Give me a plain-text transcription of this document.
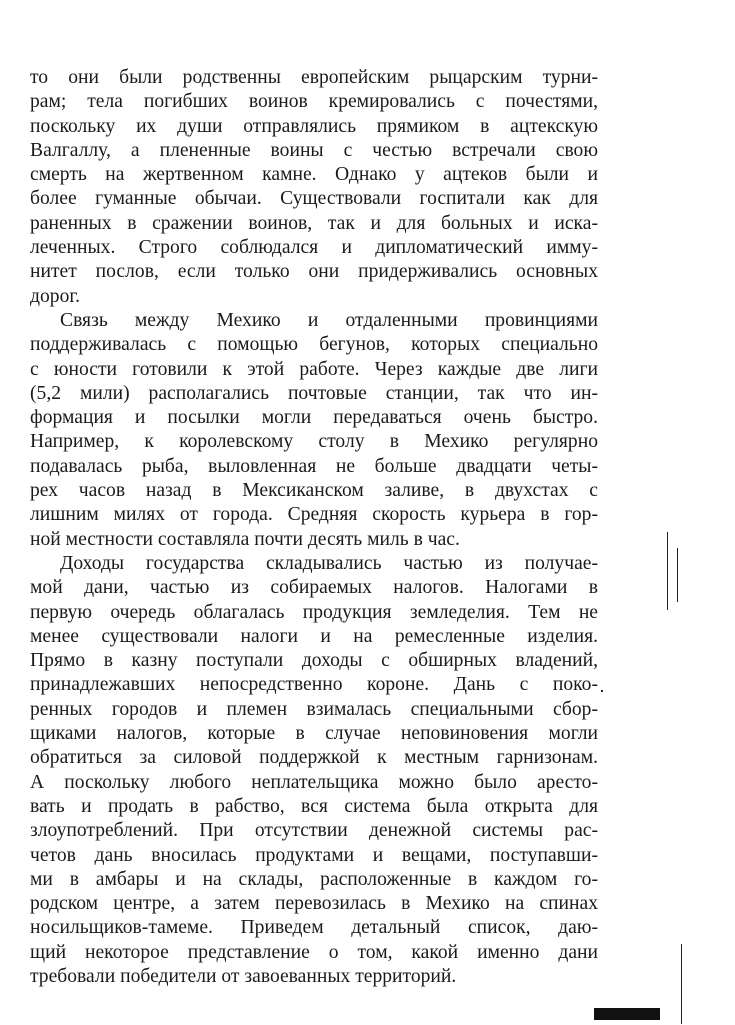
то они были родственны европейским рыцарским турни-
рам; тела погибших воинов кремировались с почестями,
поскольку их души отправлялись прямиком в ацтекскую
Валгаллу, а плененные воины с честью встречали свою
смерть на жертвенном камне. Однако у ацтеков были и
более гуманные обычаи. Существовали госпитали как для
раненных в сражении воинов, так и для больных и иска-
леченных. Строго соблюдался и дипломатический имму-
нитет послов, если только они придерживались основных
дорог.
Связь между Мехико и отдаленными провинциями
поддерживалась с помощью бегунов, которых специально
с юности готовили к этой работе. Через каждые две лиги
(5,2 мили) располагались почтовые станции, так что ин-
формация и посылки могли передаваться очень быстро.
Например, к королевскому столу в Мехико регулярно
подавалась рыба, выловленная не больше двадцати четы-
рех часов назад в Мексиканском заливе, в двухстах с
лишним милях от города. Средняя скорость курьера в гор-
ной местности составляла почти десять миль в час.
Доходы государства складывались частью из получае-
мой дани, частью из собираемых налогов. Налогами в
первую очередь облагалась продукция земледелия. Тем не
менее существовали налоги и на ремесленные изделия.
Прямо в казну поступали доходы с обширных владений,
принадлежавших непосредственно короне. Дань с поко-
ренных городов и племен взималась специальными сбор-
щиками налогов, которые в случае неповиновения могли
обратиться за силовой поддержкой к местным гарнизонам.
А поскольку любого неплательщика можно было аресто-
вать и продать в рабство, вся система была открыта для
злоупотреблений. При отсутствии денежной системы рас-
четов дань вносилась продуктами и вещами, поступавши-
ми в амбары и на склады, расположенные в каждом го-
родском центре, а затем перевозилась в Мехико на спинах
носильщиков-тамеме. Приведем детальный список, даю-
щий некоторое представление о том, какой именно дани
требовали победители от завоеванных территорий.
